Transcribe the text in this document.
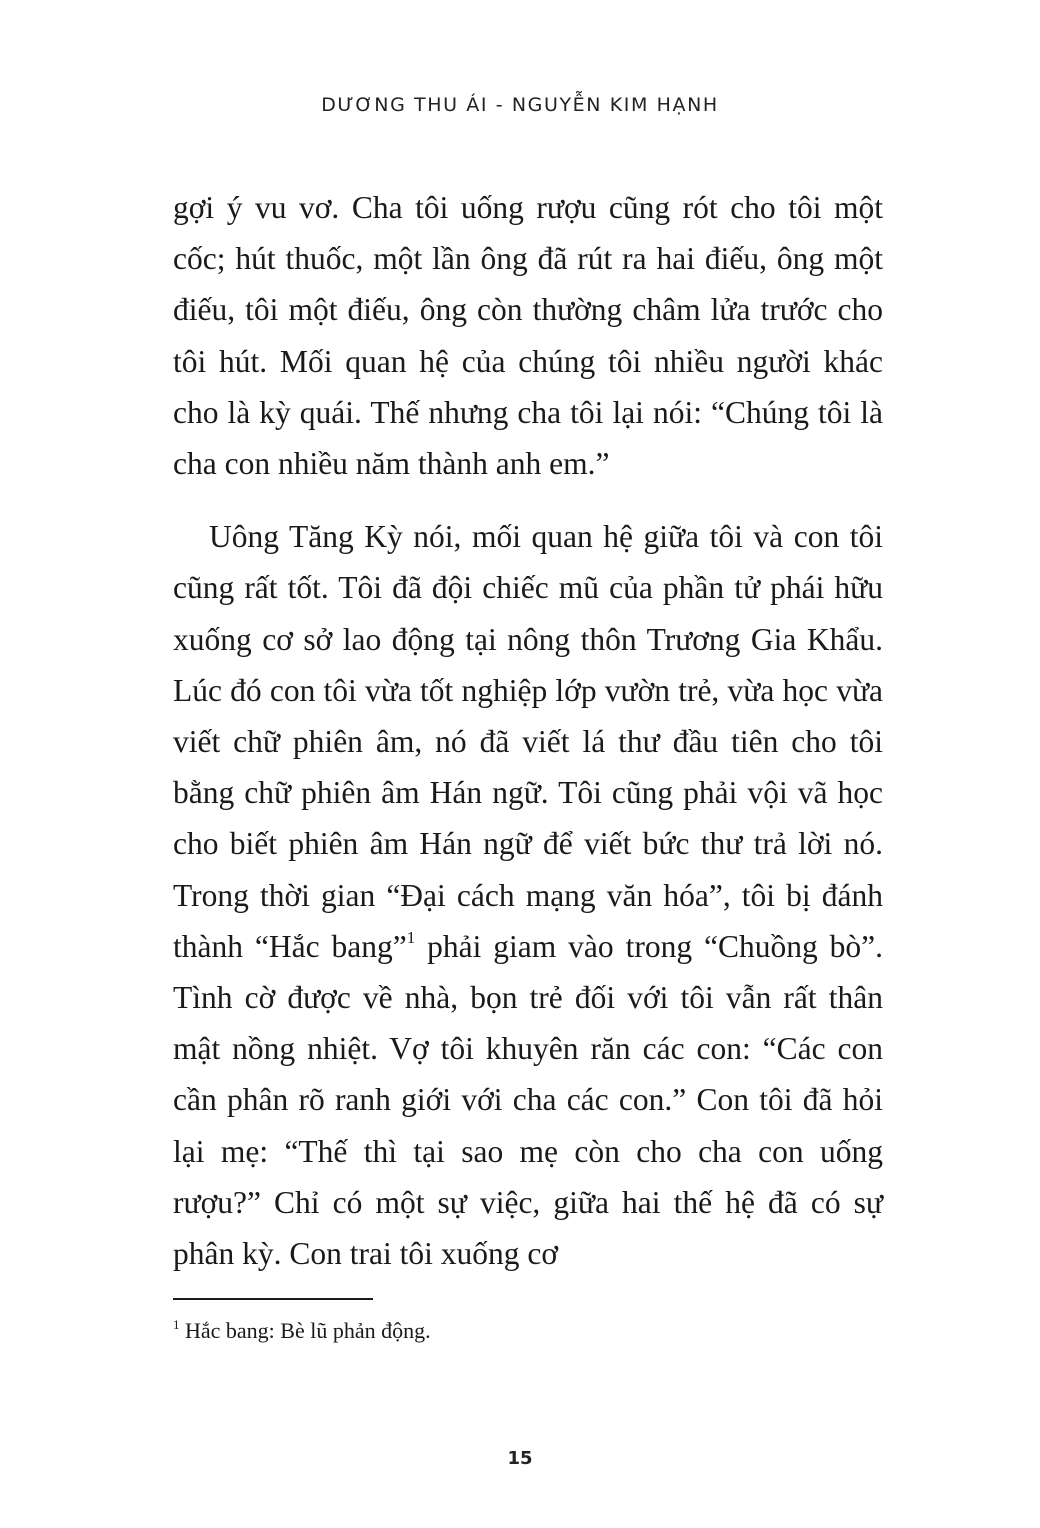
DƯƠNG THU ÁI - NGUYỄN KIM HẠNH

gợi ý vu vơ. Cha tôi uống rượu cũng rót cho tôi một cốc; hút thuốc, một lần ông đã rút ra hai điếu, ông một điếu, tôi một điếu, ông còn thường châm lửa trước cho tôi hút. Mối quan hệ của chúng tôi nhiều người khác cho là kỳ quái. Thế nhưng cha tôi lại nói: “Chúng tôi là cha con nhiều năm thành anh em.”

Uông Tăng Kỳ nói, mối quan hệ giữa tôi và con tôi cũng rất tốt. Tôi đã đội chiếc mũ của phần tử phái hữu xuống cơ sở lao động tại nông thôn Trương Gia Khẩu. Lúc đó con tôi vừa tốt nghiệp lớp vườn trẻ, vừa học vừa viết chữ phiên âm, nó đã viết lá thư đầu tiên cho tôi bằng chữ phiên âm Hán ngữ. Tôi cũng phải vội vã học cho biết phiên âm Hán ngữ để viết bức thư trả lời nó. Trong thời gian “Đại cách mạng văn hóa”, tôi bị đánh thành “Hắc bang”$^1$ phải giam vào trong “Chuồng bò”. Tình cờ được về nhà, bọn trẻ đối với tôi vẫn rất thân mật nồng nhiệt. Vợ tôi khuyên răn các con: “Các con cần phân rõ ranh giới với cha các con.” Con tôi đã hỏi lại mẹ: “Thế thì tại sao mẹ còn cho cha con uống rượu?” Chỉ có một sự việc, giữa hai thế hệ đã có sự phân kỳ. Con trai tôi xuống cơ

$^1$ Hắc bang: Bè lũ phản động.
15
